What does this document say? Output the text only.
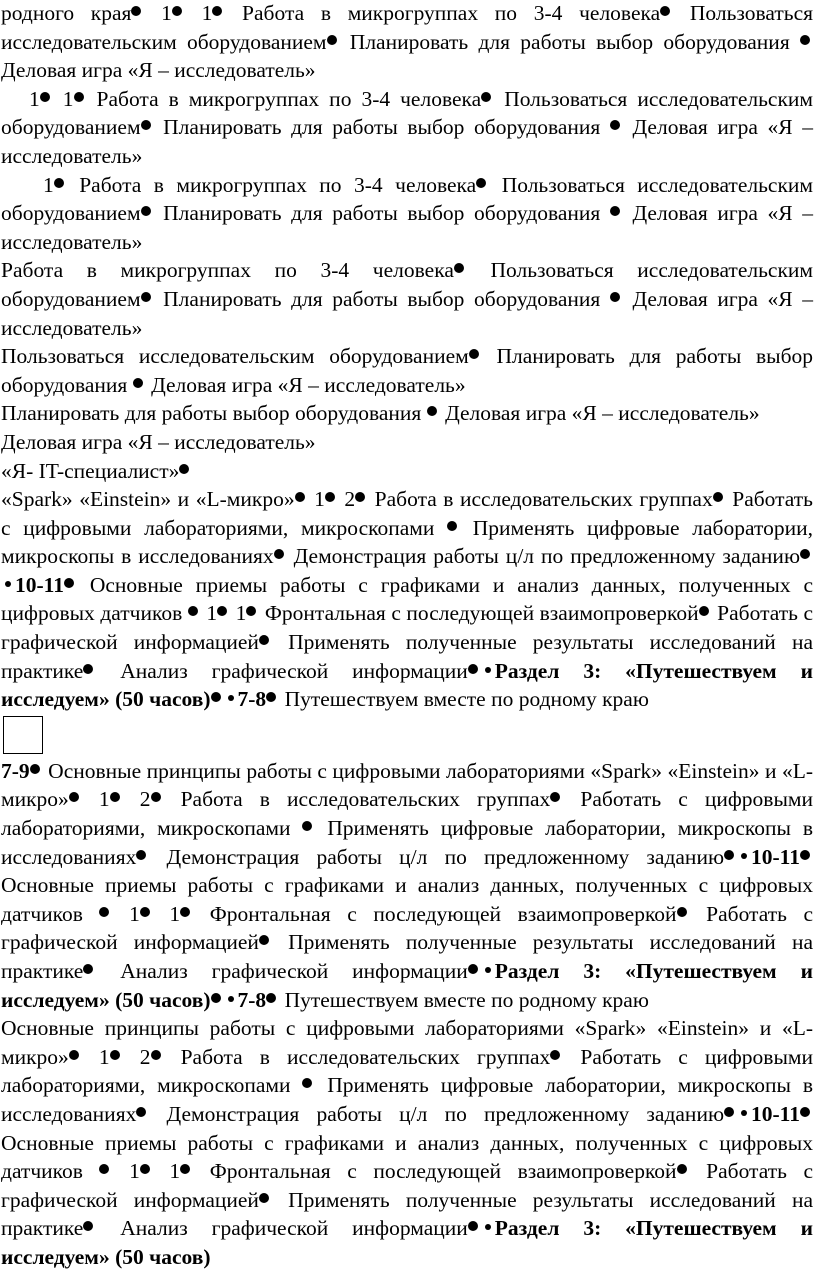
родного края 1 1 Работа в микрогруппах по 3-4 человека Пользоваться исследовательским оборудованием Планировать для работы выбор оборудования  Деловая игра «Я – исследователь»

1 1 Работа в микрогруппах по 3-4 человека Пользоваться исследовательским оборудованием Планировать для работы выбор оборудования  Деловая игра «Я – исследователь»

1 Работа в микрогруппах по 3-4 человека Пользоваться исследовательским оборудованием Планировать для работы выбор оборудования  Деловая игра «Я – исследователь»

Работа в микрогруппах по 3-4 человека Пользоваться исследовательским оборудованием Планировать для работы выбор оборудования  Деловая игра «Я – исследователь»

Пользоваться исследовательским оборудованием Планировать для работы выбор оборудования  Деловая игра «Я – исследователь»

Планировать для работы выбор оборудования  Деловая игра «Я – исследователь»

Деловая игра «Я – исследователь»

«Я- IT-специалист»

«Spark» «Einstein» и «L-микро» 1 2 Работа в исследовательских группах Работать с цифровыми лабораториями, микроскопами  Применять цифровые лаборатории, микроскопы в исследованиях Демонстрация работы ц/л по предложенному заданию10-11 Основные приемы работы с графиками и анализ данных, полученных с цифровых датчиков  1 1 Фронтальная с последующей взаимопроверкой Работать с графической информацией Применять полученные результаты исследований на практике Анализ графической информации Раздел 3: «Путешествуем и исследуем» (50 часов) 7-8 Путешествуем вместе по родному краю

7-9 Основные принципы работы с цифровыми лабораториями «Spark» «Einstein» и «L-микро» 1 2 Работа в исследовательских группах Работать с цифровыми лабораториями, микроскопами  Применять цифровые лаборатории, микроскопы в исследованиях Демонстрация работы ц/л по предложенному заданию 10-11 Основные приемы работы с графиками и анализ данных, полученных с цифровых датчиков  1 1 Фронтальная с последующей взаимопроверкой Работать с графической информацией Применять полученные результаты исследований на практике Анализ графической информации Раздел 3: «Путешествуем и исследуем» (50 часов) 7-8 Путешествуем вместе по родному краю

Основные принципы работы с цифровыми лабораториями «Spark» «Einstein» и «L-микро» 1 2 Работа в исследовательских группах Работать с цифровыми лабораториями, микроскопами  Применять цифровые лаборатории, микроскопы в исследованиях Демонстрация работы ц/л по предложенному заданию 10-11 Основные приемы работы с графиками и анализ данных, полученных с цифровых датчиков  1 1 Фронтальная с последующей взаимопроверкой Работать с графической информацией Применять полученные результаты исследований на практике Анализ графической информации Раздел 3: «Путешествуем и исследуем» (50 часов)
